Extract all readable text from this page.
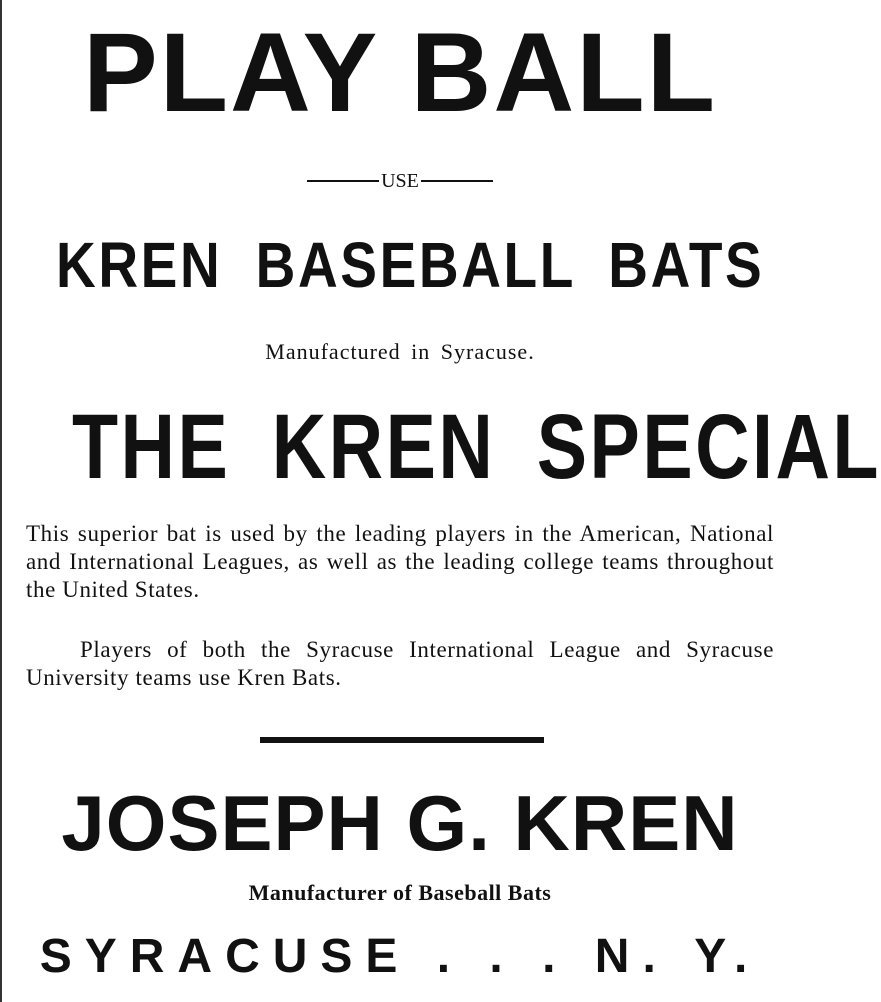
PLAY BALL
USE
KREN BASEBALL BATS
Manufactured in Syracuse.
THE KREN SPECIAL
This superior bat is used by the leading players in the American, National and International Leagues, as well as the leading college teams throughout the United States.
Players of both the Syracuse International League and Syracuse University teams use Kren Bats.
JOSEPH G. KREN
Manufacturer of Baseball Bats
SYRACUSE . . . N. Y.
